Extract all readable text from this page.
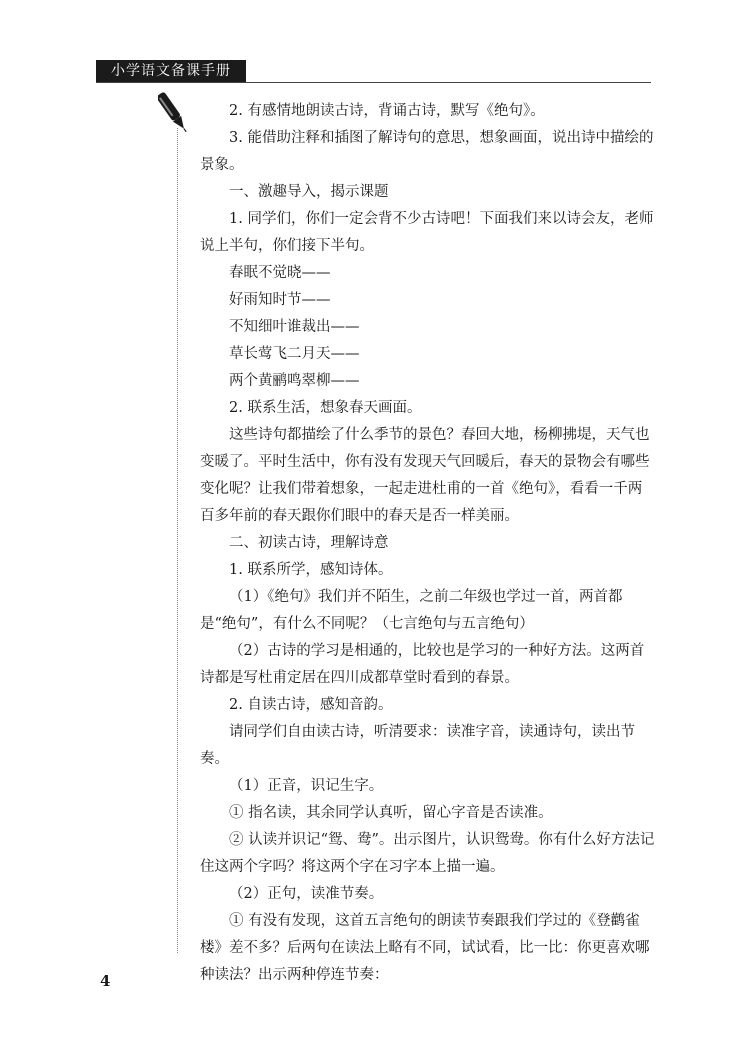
小学语文备课手册

2. 有感情地朗读古诗，背诵古诗，默写《绝句》。

3. 能借助注释和插图了解诗句的意思，想象画面，说出诗中描绘的景象。

一、激趣导入，揭示课题

1. 同学们，你们一定会背不少古诗吧！下面我们来以诗会友，老师说上半句，你们接下半句。

春眠不觉晓——

好雨知时节——

不知细叶谁裁出——

草长莺飞二月天——

两个黄鹂鸣翠柳——

2. 联系生活，想象春天画面。

这些诗句都描绘了什么季节的景色？春回大地，杨柳拂堤，天气也变暖了。平时生活中，你有没有发现天气回暖后，春天的景物会有哪些变化呢？让我们带着想象，一起走进杜甫的一首《绝句》，看看一千两百多年前的春天跟你们眼中的春天是否一样美丽。

二、初读古诗，理解诗意

1. 联系所学，感知诗体。

（1）《绝句》我们并不陌生，之前二年级也学过一首，两首都是“绝句”，有什么不同呢？（七言绝句与五言绝句）

（2）古诗的学习是相通的，比较也是学习的一种好方法。这两首诗都是写杜甫定居在四川成都草堂时看到的春景。

2. 自读古诗，感知音韵。

请同学们自由读古诗，听清要求：读准字音，读通诗句，读出节奏。

（1）正音，识记生字。

① 指名读，其余同学认真听，留心字音是否读准。

② 认读并识记“鸳、鸯”。出示图片，认识鸳鸯。你有什么好方法记住这两个字吗？将这两个字在习字本上描一遍。

（2）正句，读准节奏。

① 有没有发现，这首五言绝句的朗读节奏跟我们学过的《登鹳雀楼》差不多？后两句在读法上略有不同，试试看，比一比：你更喜欢哪种读法？出示两种停连节奏：

4
